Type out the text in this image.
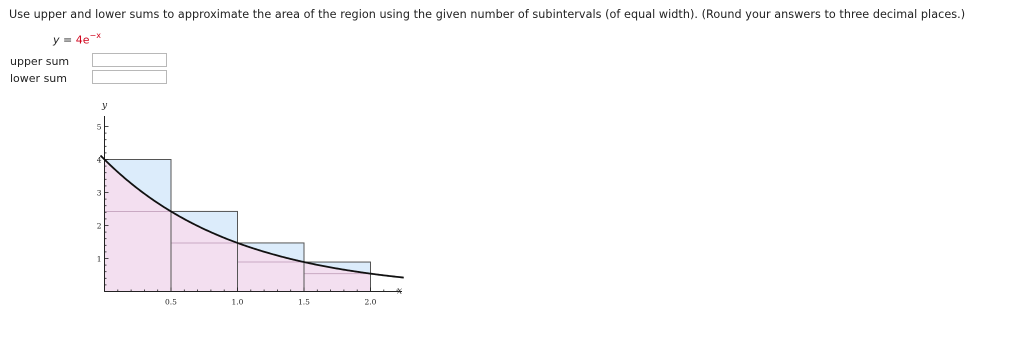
Use upper and lower sums to approximate the area of the region using the given number of subintervals (of equal width). (Round your answers to three decimal places.)
$y = 4e^{-x}$
upper sum
lower sum
0.5	1.0	1.5	2.0
1
2
3
4
5
x
y
